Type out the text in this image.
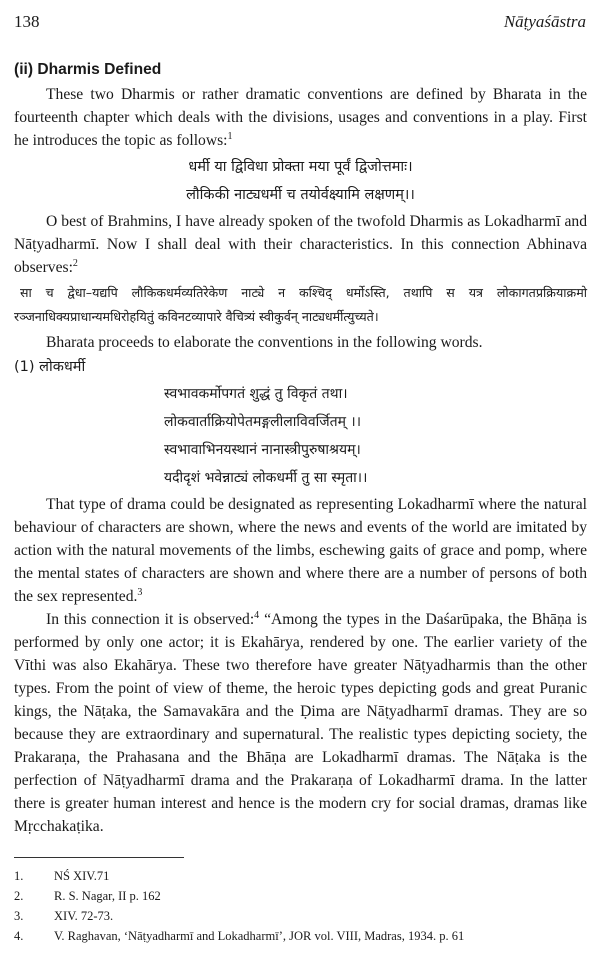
138	Nāṭyaśāstra
(ii) Dharmis Defined

These two Dharmis or rather dramatic conventions are defined by Bharata in the fourteenth chapter which deals with the divisions, usages and conventions in a play. First he introduces the topic as follows:$^1$

धर्मी या द्विविधा प्रोक्ता मया पूर्वं द्विजोत्तमाः।
लौकिकी नाट्यधर्मी च तयोर्वक्ष्यामि लक्षणम्।।

O best of Brahmins, I have already spoken of the twofold Dharmis as Lokadharmī and Nāṭyadharmī. Now I shall deal with their characteristics. In this connection Abhinava observes:$^2$

सा च द्वेधा–यद्यपि लौकिकधर्मव्यतिरेकेण नाट्ये न कश्चिद् धर्मोऽस्ति, तथापि स यत्र लोकागतप्रक्रियाक्रमो रञ्जनाधिक्यप्राधान्यमधिरोहयितुं कविनटव्यापारे वैचित्र्यं स्वीकुर्वन् नाट्यधर्मीत्युच्यते।

Bharata proceeds to elaborate the conventions in the following words.

(1) लोकधर्मी
स्वभावकर्मोपगतं शुद्धं तु विकृतं तथा।
लोकवार्ताक्रियोपेतमङ्गलीलाविवर्जितम् ।।
स्वभावाभिनयस्थानं नानास्त्रीपुरुषाश्रयम्।
यदीदृशं भवेन्नाट्यं लोकधर्मी तु सा स्मृता।।

That type of drama could be designated as representing Lokadharmī where the natural behaviour of characters are shown, where the news and events of the world are imitated by action with the natural movements of the limbs, eschewing gaits of grace and pomp, where the mental states of characters are shown and where there are a number of persons of both the sex represented.$^3$

In this connection it is observed:$^4$ “Among the types in the Daśarūpaka, the Bhāṇa is performed by only one actor; it is Ekahārya, rendered by one. The earlier variety of the Vīthi was also Ekahārya. These two therefore have greater Nāṭyadharmis than the other types. From the point of view of theme, the heroic types depicting gods and great Puranic kings, the Nāṭaka, the Samavakāra and the Ḍima are Nāṭyadharmī dramas. They are so because they are extraordinary and supernatural. The realistic types depicting society, the Prakaraṇa, the Prahasana and the Bhāṇa are Lokadharmī dramas. The Nāṭaka is the perfection of Nāṭyadharmī drama and the Prakaraṇa of Lokadharmī drama. In the latter there is greater human interest and hence is the modern cry for social dramas, dramas like Mṛcchakaṭika.

1.	NŚ XIV.71
2.	R. S. Nagar, II p. 162
3.	XIV. 72-73.
4.	V. Raghavan, ‘Nāṭyadharmī and Lokadharmī’, JOR vol. VIII, Madras, 1934. p. 61
